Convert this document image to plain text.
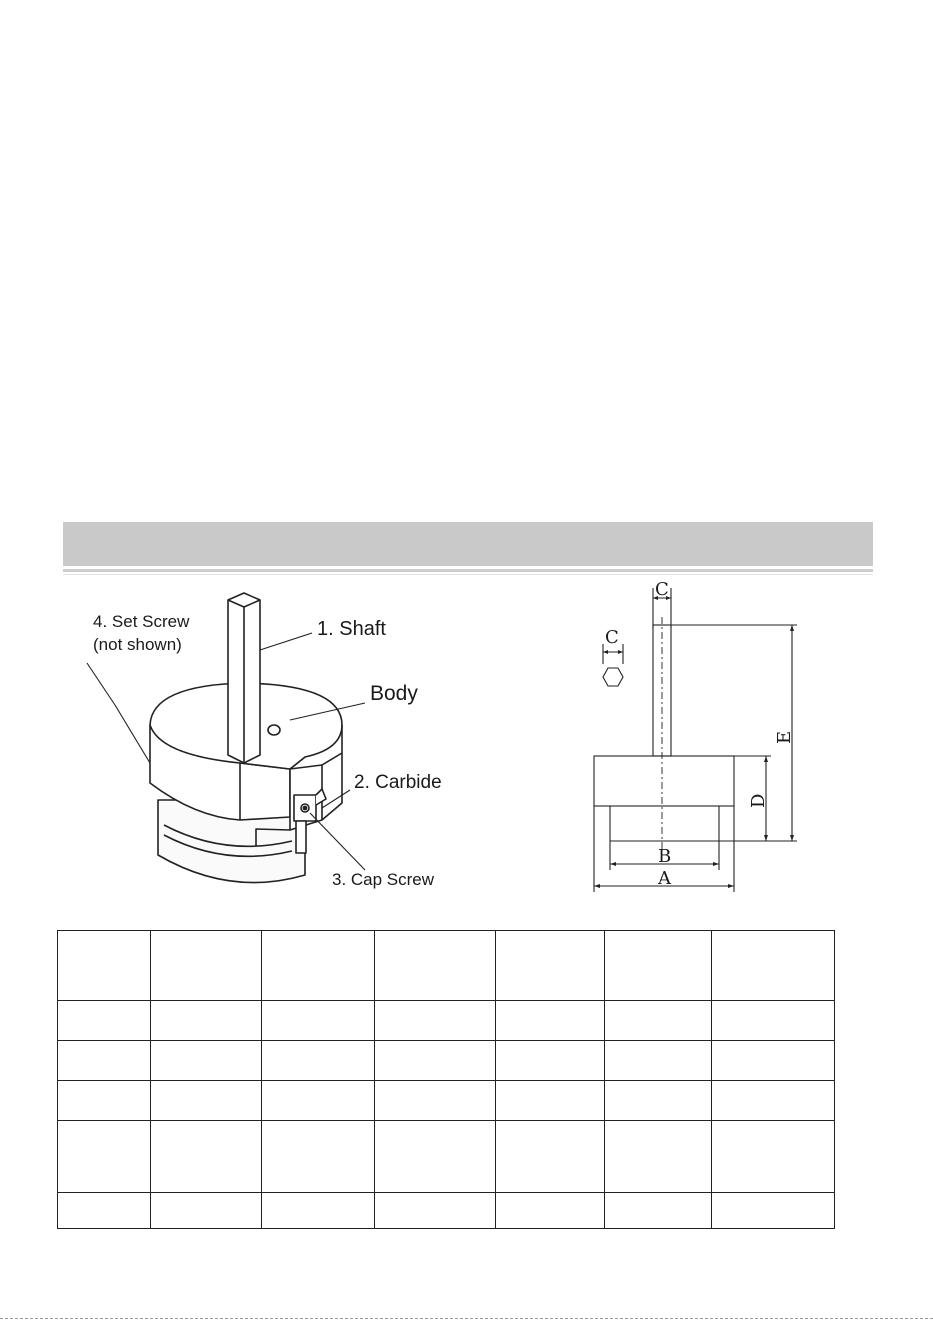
4. Set Screw
(not shown)
1. Shaft
Body
2. Carbide
3. Cap Screw
C
C
E
D
B
A
